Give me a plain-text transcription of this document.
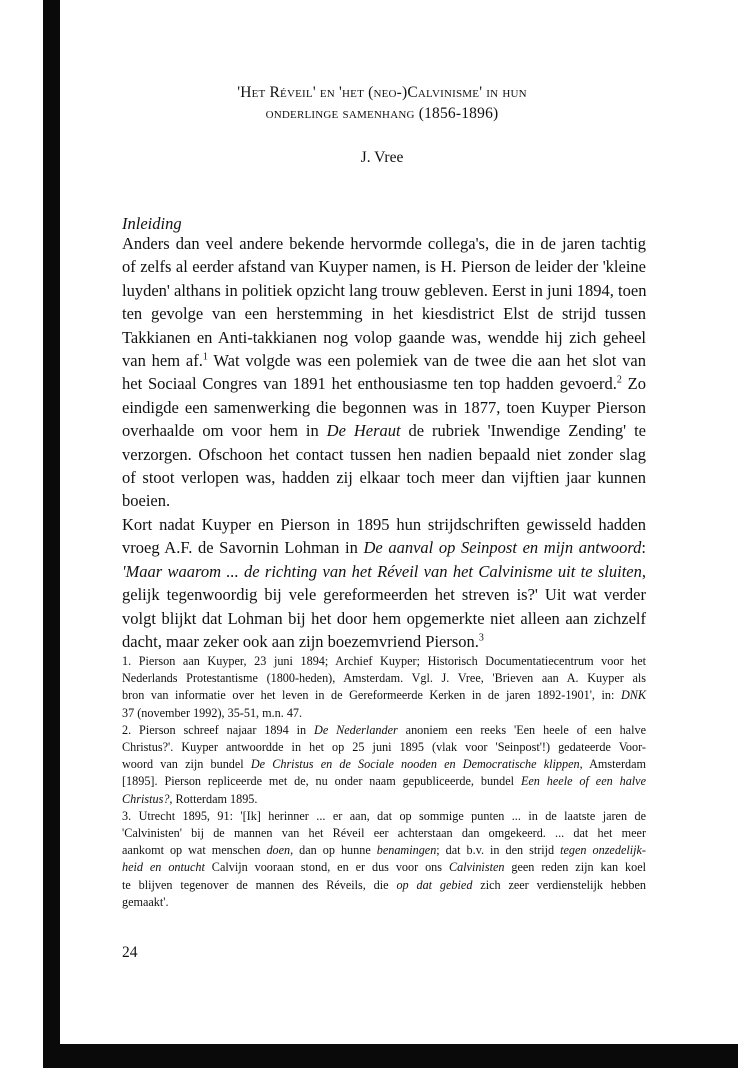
'Het Réveil' en 'het (neo-)Calvinisme' in hun
onderlinge samenhang (1856-1896)
J. Vree
Inleiding
Anders dan veel andere bekende hervormde collega's, die in de jaren tachtig
of zelfs al eerder afstand van Kuyper namen, is H. Pierson de leider der 'kleine
luyden' althans in politiek opzicht lang trouw gebleven. Eerst in juni 1894, toen
ten gevolge van een herstemming in het kiesdistrict Elst de strijd tussen
Takkianen en Anti-takkianen nog volop gaande was, wendde hij zich geheel
van hem af.$^1$ Wat volgde was een polemiek van de twee die aan het slot van
het Sociaal Congres van 1891 het enthousiasme ten top hadden gevoerd.$^2$ Zo
eindigde een samenwerking die begonnen was in 1877, toen Kuyper Pierson
overhaalde om voor hem in De Heraut de rubriek 'Inwendige Zending' te
verzorgen. Ofschoon het contact tussen hen nadien bepaald niet zonder slag
of stoot verlopen was, hadden zij elkaar toch meer dan vijftien jaar kunnen
boeien.
Kort nadat Kuyper en Pierson in 1895 hun strijdschriften gewisseld hadden
vroeg A.F. de Savornin Lohman in De aanval op Seinpost en mijn antwoord:
'Maar waarom ... de richting van het Réveil van het Calvinisme uit te sluiten,
gelijk tegenwoordig bij vele gereformeerden het streven is?' Uit wat verder
volgt blijkt dat Lohman bij het door hem opgemerkte niet alleen aan zichzelf
dacht, maar zeker ook aan zijn boezemvriend Pierson.$^3$
1. Pierson aan Kuyper, 23 juni 1894; Archief Kuyper; Historisch Documentatiecentrum voor het
Nederlands Protestantisme (1800-heden), Amsterdam. Vgl. J. Vree, 'Brieven aan A. Kuyper als
bron van informatie over het leven in de Gereformeerde Kerken in de jaren 1892-1901', in: DNK
37 (november 1992), 35-51, m.n. 47.
2. Pierson schreef najaar 1894 in De Nederlander anoniem een reeks 'Een heele of een halve
Christus?'. Kuyper antwoordde in het op 25 juni 1895 (vlak voor 'Seinpost'!) gedateerde Voor-
woord van zijn bundel De Christus en de Sociale nooden en Democratische klippen, Amsterdam
[1895]. Pierson repliceerde met de, nu onder naam gepubliceerde, bundel Een heele of een halve
Christus?, Rotterdam 1895.
3. Utrecht 1895, 91: '[Ik] herinner ... er aan, dat op sommige punten ... in de laatste jaren de
'Calvinisten' bij de mannen van het Réveil eer achterstaan dan omgekeerd. ... dat het meer
aankomt op wat menschen doen, dan op hunne benamingen; dat b.v. in den strijd tegen onzedelijk-
heid en ontucht Calvijn vooraan stond, en er dus voor ons Calvinisten geen reden zijn kan koel
te blijven tegenover de mannen des Réveils, die op dat gebied zich zeer verdienstelijk hebben
gemaakt'.
24
